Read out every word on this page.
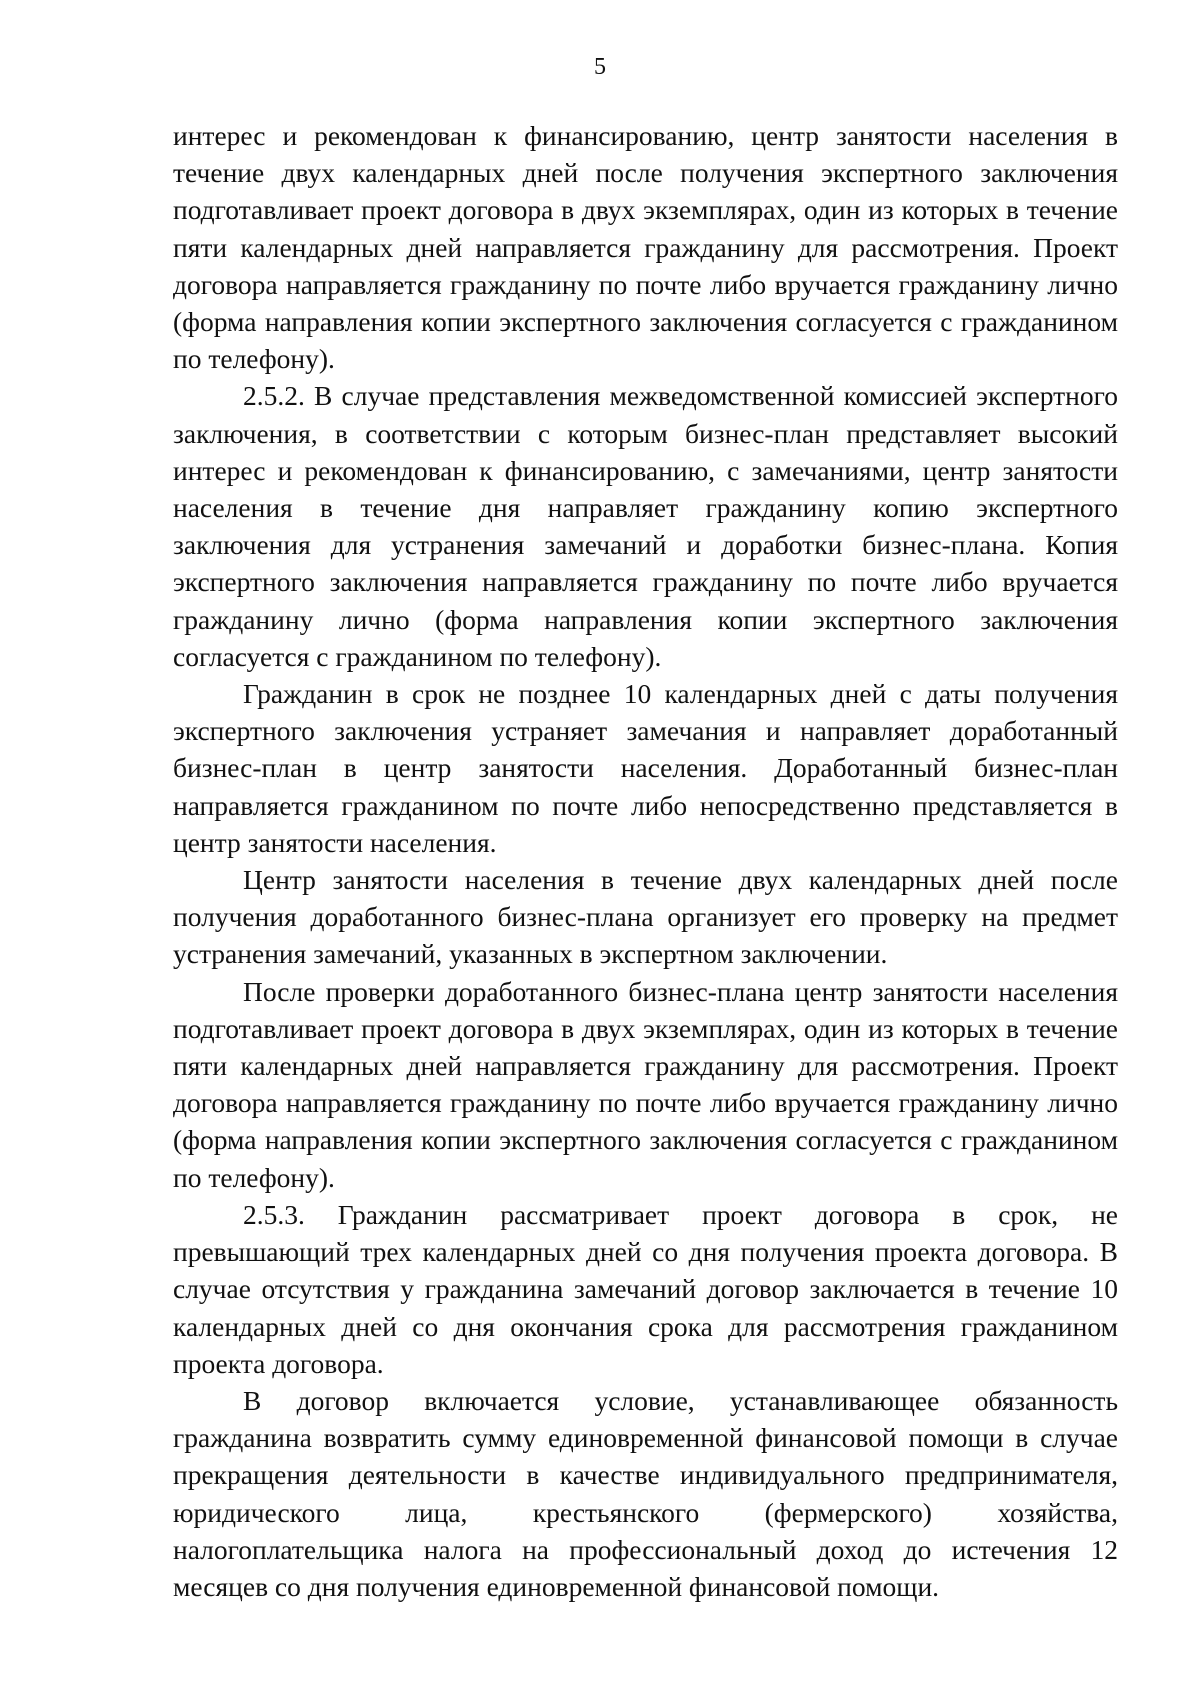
5

интерес и рекомендован к финансированию, центр занятости населения в течение двух календарных дней после получения экспертного заключения подготавливает проект договора в двух экземплярах, один из которых в течение пяти календарных дней направляется гражданину для рассмотрения. Проект договора направляется гражданину по почте либо вручается гражданину лично (форма направления копии экспертного заключения согласуется с гражданином по телефону).

2.5.2. В случае представления межведомственной комиссией экспертного заключения, в соответствии с которым бизнес-план представляет высокий интерес и рекомендован к финансированию, с замечаниями, центр занятости населения в течение дня направляет гражданину копию экспертного заключения для устранения замечаний и доработки бизнес-плана. Копия экспертного заключения направляется гражданину по почте либо вручается гражданину лично (форма направления копии экспертного заключения согласуется с гражданином по телефону).

Гражданин в срок не позднее 10 календарных дней с даты получения экспертного заключения устраняет замечания и направляет доработанный бизнес-план в центр занятости населения. Доработанный бизнес-план направляется гражданином по почте либо непосредственно представляется в центр занятости населения.

Центр занятости населения в течение двух календарных дней после получения доработанного бизнес-плана организует его проверку на предмет устранения замечаний, указанных в экспертном заключении.

После проверки доработанного бизнес-плана центр занятости населения подготавливает проект договора в двух экземплярах, один из которых в течение пяти календарных дней направляется гражданину для рассмотрения. Проект договора направляется гражданину по почте либо вручается гражданину лично (форма направления копии экспертного заключения согласуется с гражданином по телефону).

2.5.3. Гражданин рассматривает проект договора в срок, не превышающий трех календарных дней со дня получения проекта договора. В случае отсутствия у гражданина замечаний договор заключается в течение 10 календарных дней со дня окончания срока для рассмотрения гражданином проекта договора.

В договор включается условие, устанавливающее обязанность гражданина возвратить сумму единовременной финансовой помощи в случае прекращения деятельности в качестве индивидуального предпринимателя, юридического лица, крестьянского (фермерского) хозяйства, налогоплательщика налога на профессиональный доход до истечения 12 месяцев со дня получения единовременной финансовой помощи.
